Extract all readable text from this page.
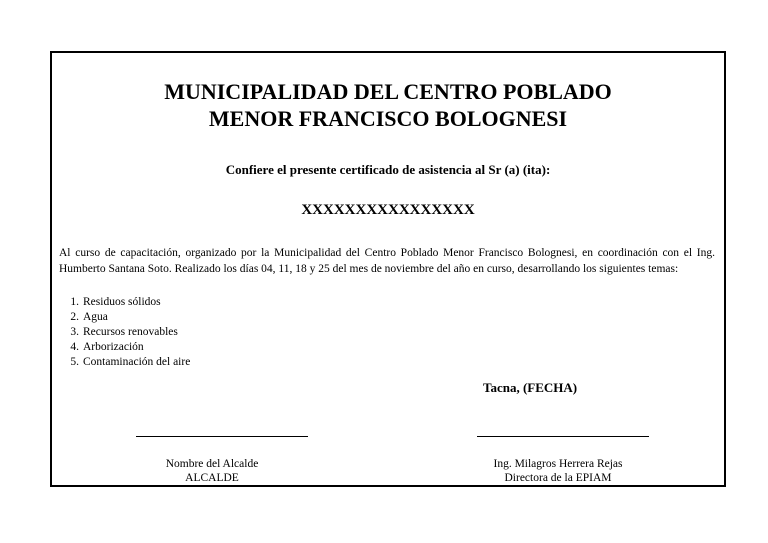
MUNICIPALIDAD DEL CENTRO POBLADO
MENOR FRANCISCO BOLOGNESI
Confiere el presente certificado de asistencia al Sr (a) (ita):
XXXXXXXXXXXXXXXX
Al curso de capacitación, organizado por la Municipalidad del Centro Poblado Menor Francisco Bolognesi, en coordinación con el Ing. Humberto Santana Soto. Realizado los días 04, 11, 18 y 25 del mes de noviembre del año en curso, desarrollando los siguientes temas:
1. Residuos sólidos
2. Agua
3. Recursos renovables
4. Arborización
5. Contaminación del aire
Tacna, (FECHA)
Nombre del Alcalde
ALCALDE
Ing. Milagros Herrera Rejas
Directora de la EPIAM
